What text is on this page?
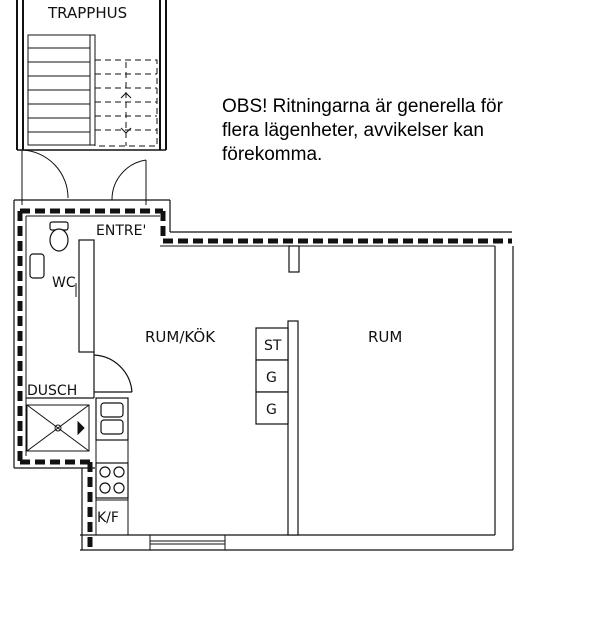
TRAPPHUS
ENTRE'
WC
DUSCH
K/F
ST
G
G
RUM/KÖK	RUM
OBS! Ritningarna är generella för
flera lägenheter, avvikelser kan
förekomma.
